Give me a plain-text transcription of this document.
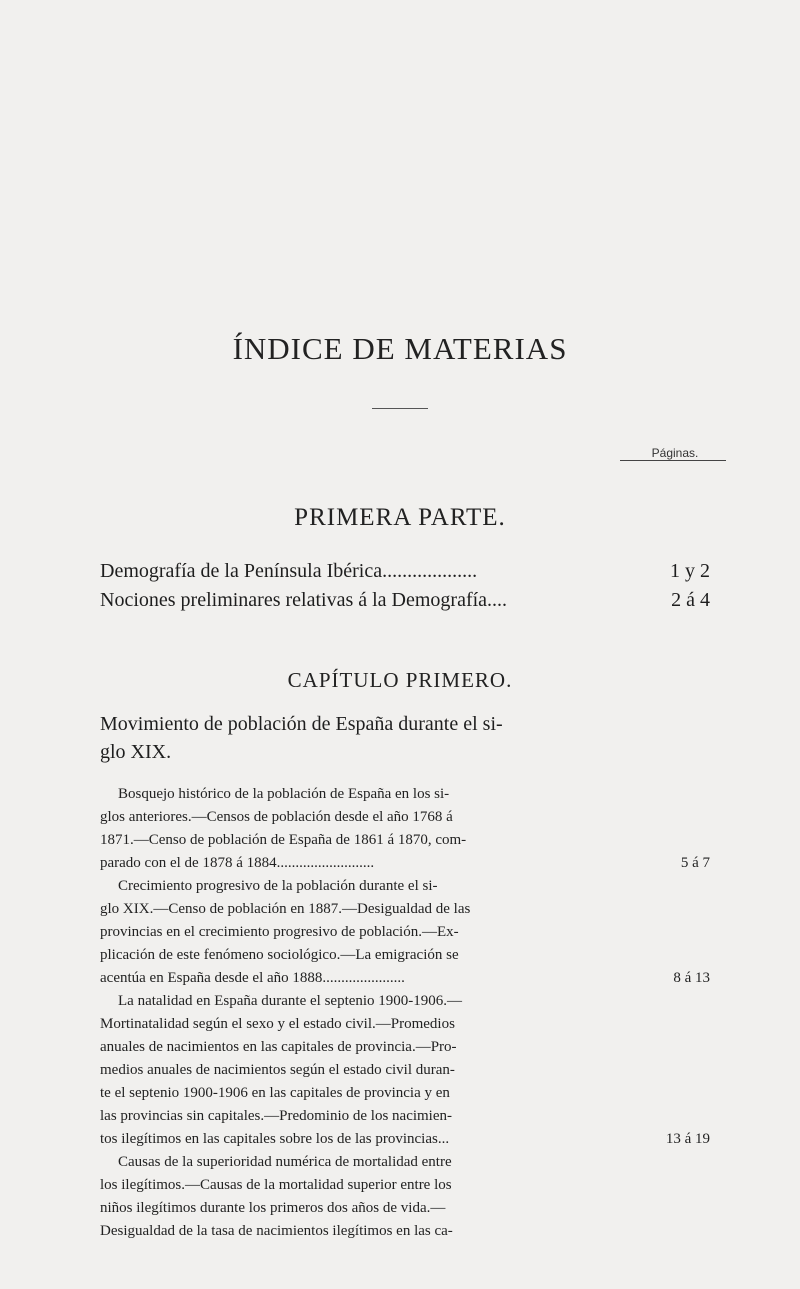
ÍNDICE DE MATERIAS
Páginas.
PRIMERA PARTE.
Demografía de la Península Ibérica...................	1 y 2
Nociones preliminares relativas á la Demografía....	2 á 4
CAPÍTULO PRIMERO.
Movimiento de población de España durante el si-
glo XIX.
Bosquejo histórico de la población de España en los si-
glos anteriores.—Censos de población desde el año 1768 á
1871.—Censo de población de España de 1861 á 1870, com-
parado con el de 1878 á 1884..........................	5 á 7
Crecimiento progresivo de la población durante el si-
glo XIX.—Censo de población en 1887.—Desigualdad de las
provincias en el crecimiento progresivo de población.—Ex-
plicación de este fenómeno sociológico.—La emigración se
acentúa en España desde el año 1888......................	8 á 13
La natalidad en España durante el septenio 1900-1906.—
Mortinatalidad según el sexo y el estado civil.—Promedios
anuales de nacimientos en las capitales de provincia.—Pro-
medios anuales de nacimientos según el estado civil duran-
te el septenio 1900-1906 en las capitales de provincia y en
las provincias sin capitales.—Predominio de los nacimien-
tos ilegítimos en las capitales sobre los de las provincias...	13 á 19
Causas de la superioridad numérica de mortalidad entre
los ilegítimos.—Causas de la mortalidad superior entre los
niños ilegítimos durante los primeros dos años de vida.—
Desigualdad de la tasa de nacimientos ilegítimos en las ca-
